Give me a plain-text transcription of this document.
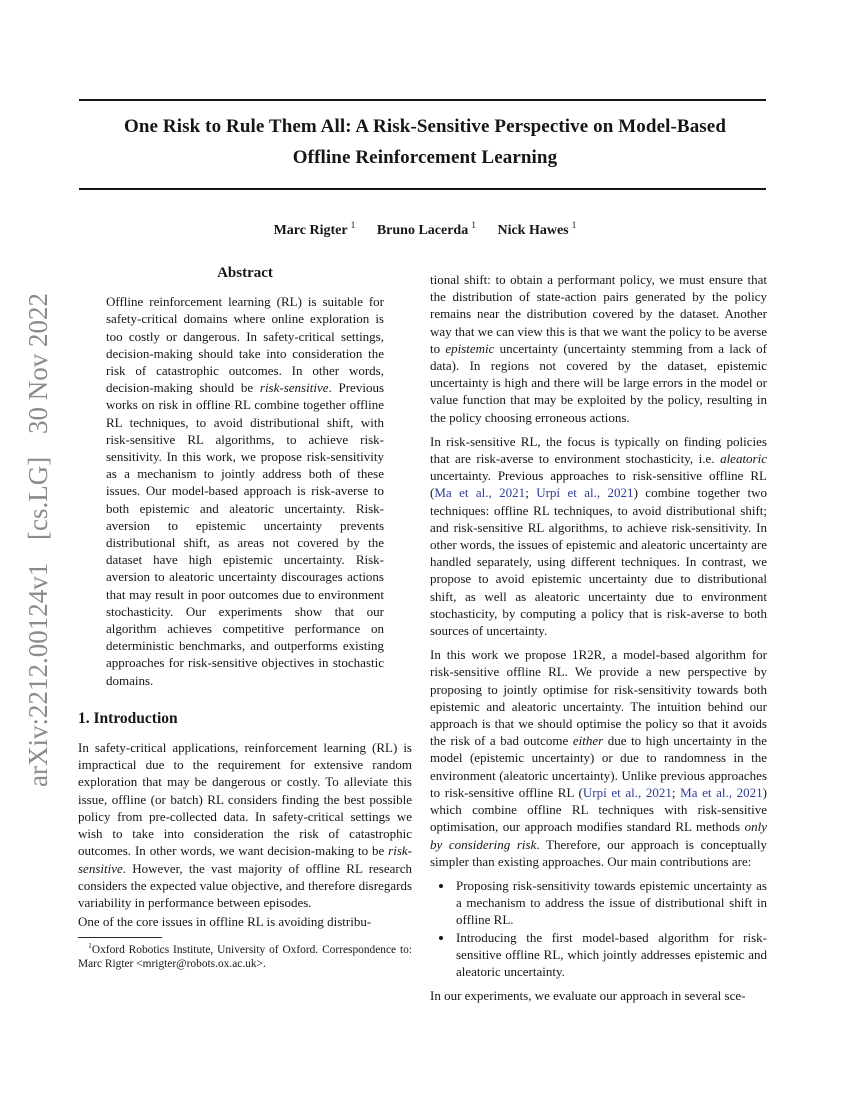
One Risk to Rule Them All: A Risk-Sensitive Perspective on Model-Based Offline Reinforcement Learning
Marc Rigter $^1$ Bruno Lacerda $^1$ Nick Hawes $^1$
arXiv:2212.00124v1 [cs.LG] 30 Nov 2022
Abstract
Offline reinforcement learning (RL) is suitable for safety-critical domains where online exploration is too costly or dangerous. In safety-critical settings, decision-making should take into consideration the risk of catastrophic outcomes. In other words, decision-making should be risk-sensitive. Previous works on risk in offline RL combine together offline RL techniques, to avoid distributional shift, with risk-sensitive RL algorithms, to achieve risk-sensitivity. In this work, we propose risk-sensitivity as a mechanism to jointly address both of these issues. Our model-based approach is risk-averse to both epistemic and aleatoric uncertainty. Risk-aversion to epistemic uncertainty prevents distributional shift, as areas not covered by the dataset have high epistemic uncertainty. Risk-aversion to aleatoric uncertainty discourages actions that may result in poor outcomes due to environment stochasticity. Our experiments show that our algorithm achieves competitive performance on deterministic benchmarks, and outperforms existing approaches for risk-sensitive objectives in stochastic domains.
1. Introduction

In safety-critical applications, reinforcement learning (RL) is impractical due to the requirement for extensive random exploration that may be dangerous or costly. To alleviate this issue, offline (or batch) RL considers finding the best possible policy from pre-collected data. In safety-critical settings we wish to take into consideration the risk of catastrophic outcomes. In other words, we want decision-making to be risk-sensitive. However, the vast majority of offline RL research considers the expected value objective, and therefore disregards variability in performance between episodes.

One of the core issues in offline RL is avoiding distribu-

$^1$Oxford Robotics Institute, University of Oxford. Correspondence to: Marc Rigter <mrigter@robots.ox.ac.uk>.

tional shift: to obtain a performant policy, we must ensure that the distribution of state-action pairs generated by the policy remains near the distribution covered by the dataset. Another way that we can view this is that we want the policy to be averse to epistemic uncertainty (uncertainty stemming from a lack of data). In regions not covered by the dataset, epistemic uncertainty is high and there will be large errors in the model or value function that may be exploited by the policy, resulting in the policy choosing erroneous actions.

In risk-sensitive RL, the focus is typically on finding policies that are risk-averse to environment stochasticity, i.e. aleatoric uncertainty. Previous approaches to risk-sensitive offline RL (Ma et al., 2021; Urpí et al., 2021) combine together two techniques: offline RL techniques, to avoid distributional shift; and risk-sensitive RL algorithms, to achieve risk-sensitivity. In other words, the issues of epistemic and aleatoric uncertainty are handled separately, using different techniques. In contrast, we propose to avoid epistemic uncertainty due to distributional shift, as well as aleatoric uncertainty due to environment stochasticity, by computing a policy that is risk-averse to both sources of uncertainty.

In this work we propose 1R2R, a model-based algorithm for risk-sensitive offline RL. We provide a new perspective by proposing to jointly optimise for risk-sensitivity towards both epistemic and aleatoric uncertainty. The intuition behind our approach is that we should optimise the policy so that it avoids the risk of a bad outcome either due to high uncertainty in the model (epistemic uncertainty) or due to randomness in the environment (aleatoric uncertainty). Unlike previous approaches to risk-sensitive offline RL (Urpí et al., 2021; Ma et al., 2021) which combine offline RL techniques with risk-sensitive optimisation, our approach modifies standard RL methods only by considering risk. Therefore, our approach is conceptually simpler than existing approaches. Our main contributions are:

• Proposing risk-sensitivity towards epistemic uncertainty as a mechanism to address the issue of distributional shift in offline RL.
• Introducing the first model-based algorithm for risk-sensitive offline RL, which jointly addresses epistemic and aleatoric uncertainty.

In our experiments, we evaluate our approach in several sce-
